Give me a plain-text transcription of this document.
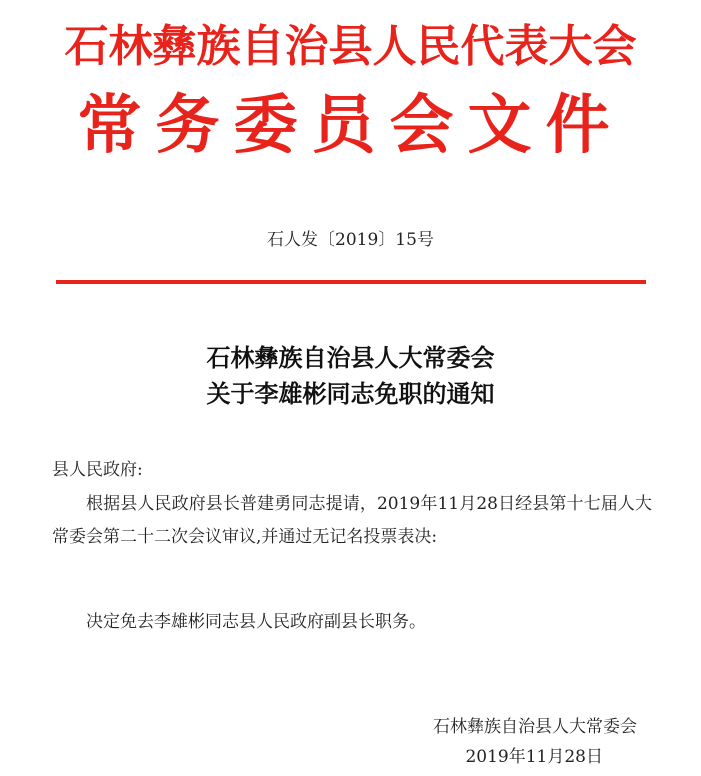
石林彝族自治县人民代表大会
常务委员会文件
石人发〔2019〕15号
石林彝族自治县人大常委会
关于李雄彬同志免职的通知
县人民政府:
根据县人民政府县长普建勇同志提请，2019年11月28日经县第十七届人大常委会第二十二次会议审议,并通过无记名投票表决:
决定免去李雄彬同志县人民政府副县长职务。
石林彝族自治县人大常委会
2019年11月28日
